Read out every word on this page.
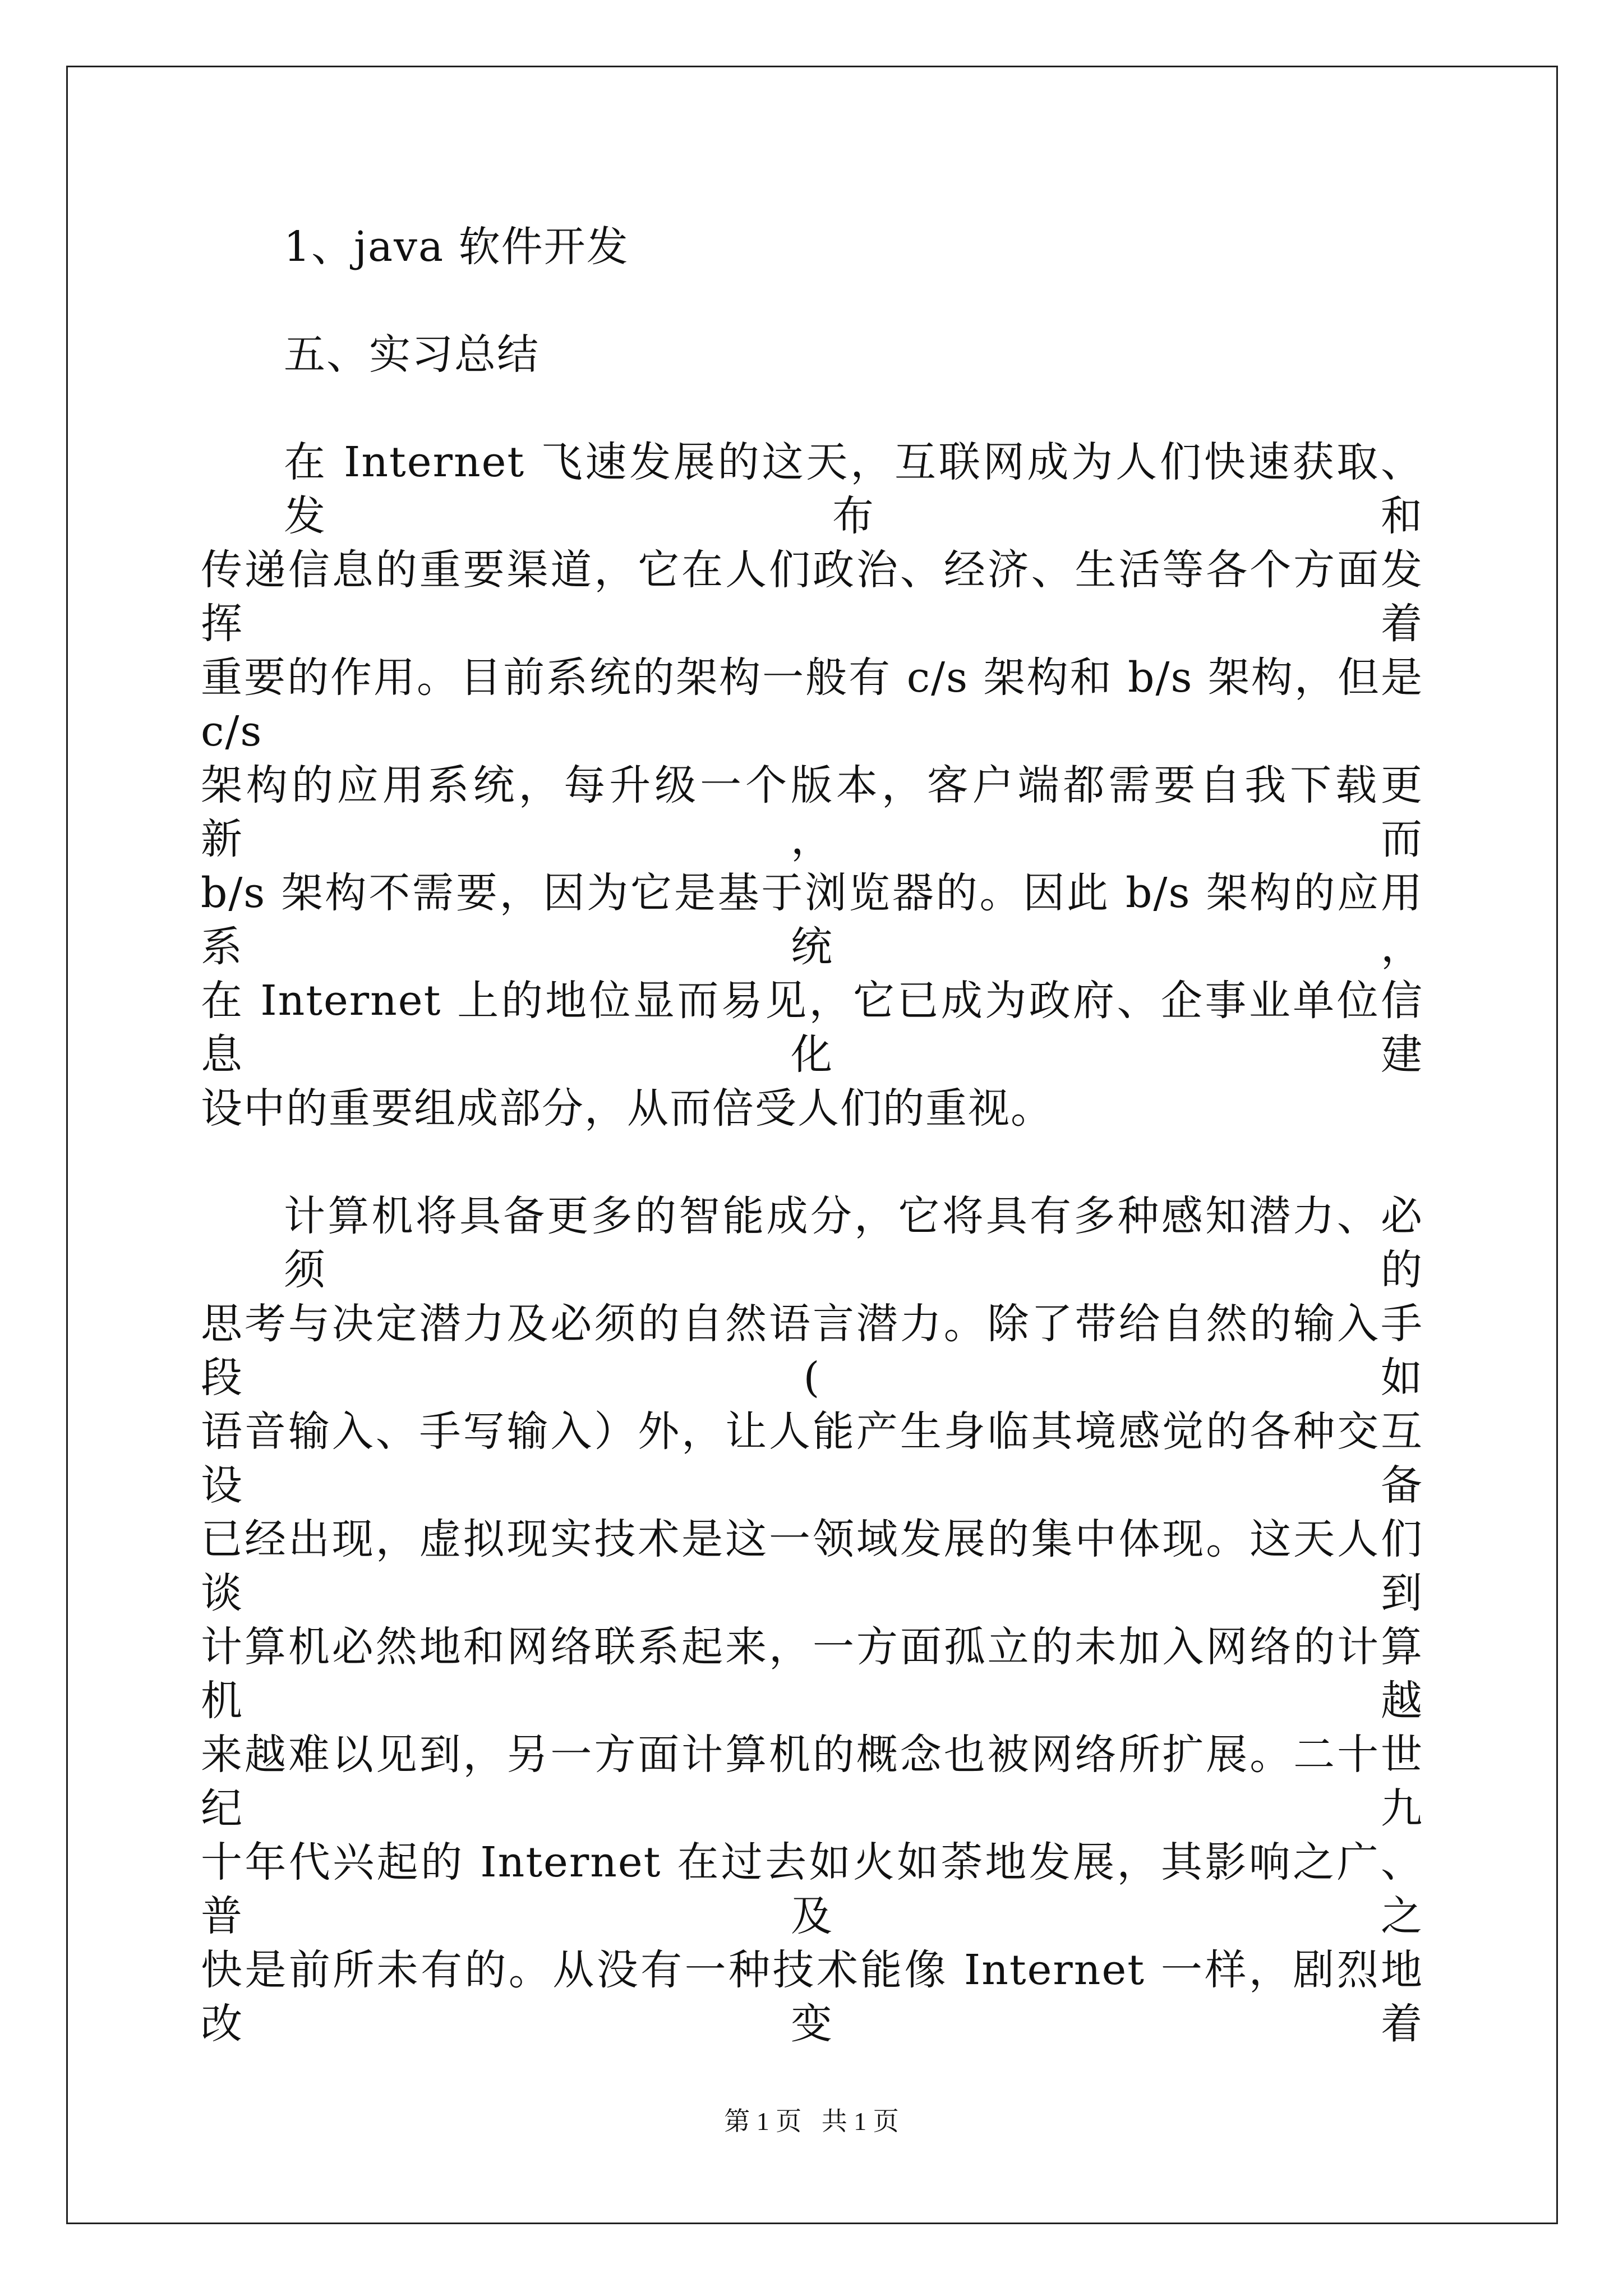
1、java 软件开发
五、实习总结
在 Internet 飞速发展的这天，互联网成为人们快速获取、发布和
传递信息的重要渠道，它在人们政治、经济、生活等各个方面发挥着
重要的作用。目前系统的架构一般有 c/s 架构和 b/s 架构，但是 c/s
架构的应用系统，每升级一个版本，客户端都需要自我下载更新，而
b/s 架构不需要，因为它是基于浏览器的。因此 b/s 架构的应用系统，
在 Internet 上的地位显而易见，它已成为政府、企事业单位信息化建
设中的重要组成部分，从而倍受人们的重视。
计算机将具备更多的智能成分，它将具有多种感知潜力、必须的
思考与决定潜力及必须的自然语言潜力。除了带给自然的输入手段(如
语音输入、手写输入）外，让人能产生身临其境感觉的各种交互设备
已经出现，虚拟现实技术是这一领域发展的集中体现。这天人们谈到
计算机必然地和网络联系起来，一方面孤立的未加入网络的计算机越
来越难以见到，另一方面计算机的概念也被网络所扩展。二十世纪九
十年代兴起的 Internet 在过去如火如荼地发展，其影响之广、普及之
快是前所未有的。从没有一种技术能像 Internet 一样，剧烈地改变着
第 1 页 共 1 页
